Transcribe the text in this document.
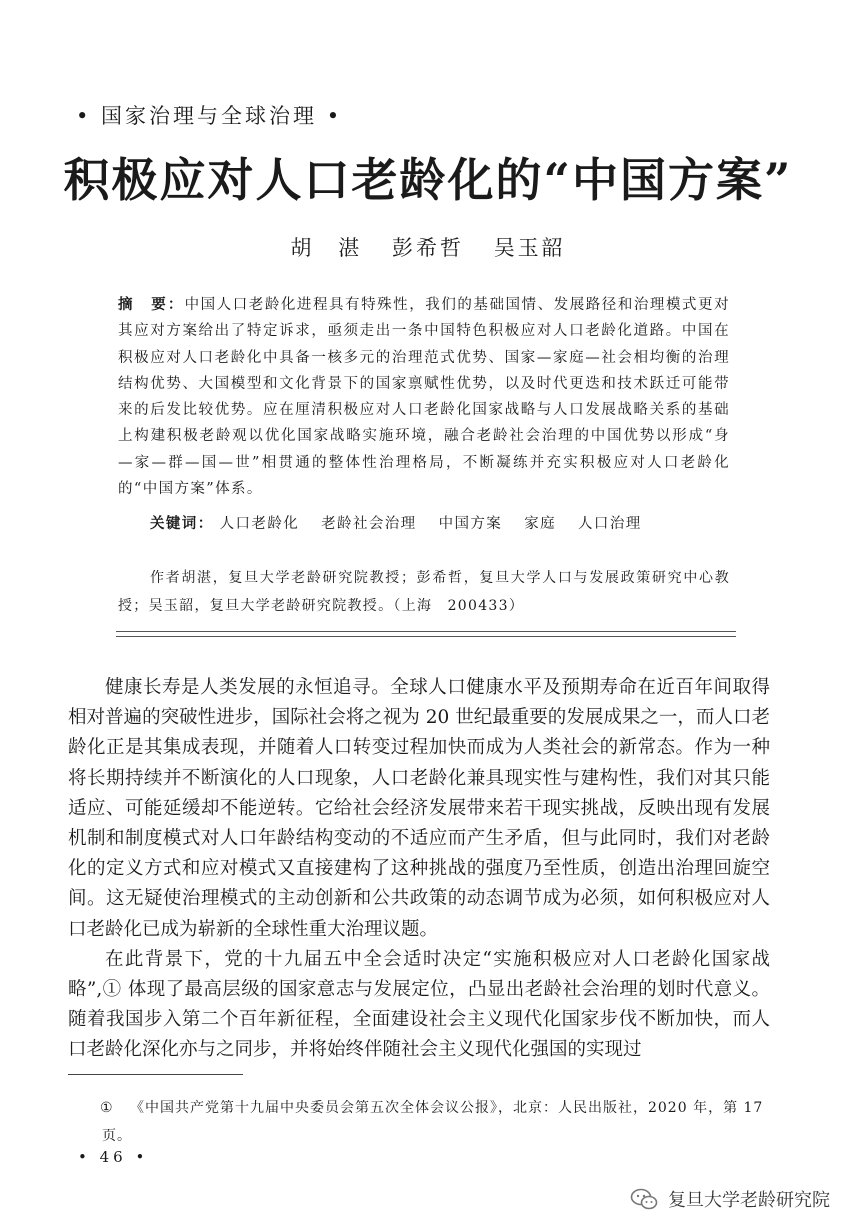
• 国家治理与全球治理 •
积极应对人口老龄化的“中国方案”
胡　湛 彭希哲 吴玉韶
摘　要：中国人口老龄化进程具有特殊性，我们的基础国情、发展路径和治理模式更对其应对方案给出了特定诉求，亟须走出一条中国特色积极应对人口老龄化道路。中国在积极应对人口老龄化中具备一核多元的治理范式优势、国家—家庭—社会相均衡的治理结构优势、大国模型和文化背景下的国家禀赋性优势，以及时代更迭和技术跃迁可能带来的后发比较优势。应在厘清积极应对人口老龄化国家战略与人口发展战略关系的基础上构建积极老龄观以优化国家战略实施环境，融合老龄社会治理的中国优势以形成“身—家—群—国—世”相贯通的整体性治理格局，不断凝练并充实积极应对人口老龄化的“中国方案”体系。
关键词： 人口老龄化 老龄社会治理 中国方案 家庭 人口治理
作者胡湛，复旦大学老龄研究院教授；彭希哲，复旦大学人口与发展政策研究中心教授；吴玉韶，复旦大学老龄研究院教授。（上海　200433）

健康长寿是人类发展的永恒追寻。全球人口健康水平及预期寿命在近百年间取得相对普遍的突破性进步，国际社会将之视为 20 世纪最重要的发展成果之一，而人口老龄化正是其集成表现，并随着人口转变过程加快而成为人类社会的新常态。作为一种将长期持续并不断演化的人口现象，人口老龄化兼具现实性与建构性，我们对其只能适应、可能延缓却不能逆转。它给社会经济发展带来若干现实挑战，反映出现有发展机制和制度模式对人口年龄结构变动的不适应而产生矛盾，但与此同时，我们对老龄化的定义方式和应对模式又直接建构了这种挑战的强度乃至性质，创造出治理回旋空间。这无疑使治理模式的主动创新和公共政策的动态调节成为必须，如何积极应对人口老龄化已成为崭新的全球性重大治理议题。

在此背景下，党的十九届五中全会适时决定“实施积极应对人口老龄化国家战略”,① 体现了最高层级的国家意志与发展定位，凸显出老龄社会治理的划时代意义。随着我国步入第二个百年新征程，全面建设社会主义现代化国家步伐不断加快，而人口老龄化深化亦与之同步，并将始终伴随社会主义现代化强国的实现过

① 《中国共产党第十九届中央委员会第五次全体会议公报》，北京：人民出版社，2020 年，第 17 页。
• 46 •
复旦大学老龄研究院
